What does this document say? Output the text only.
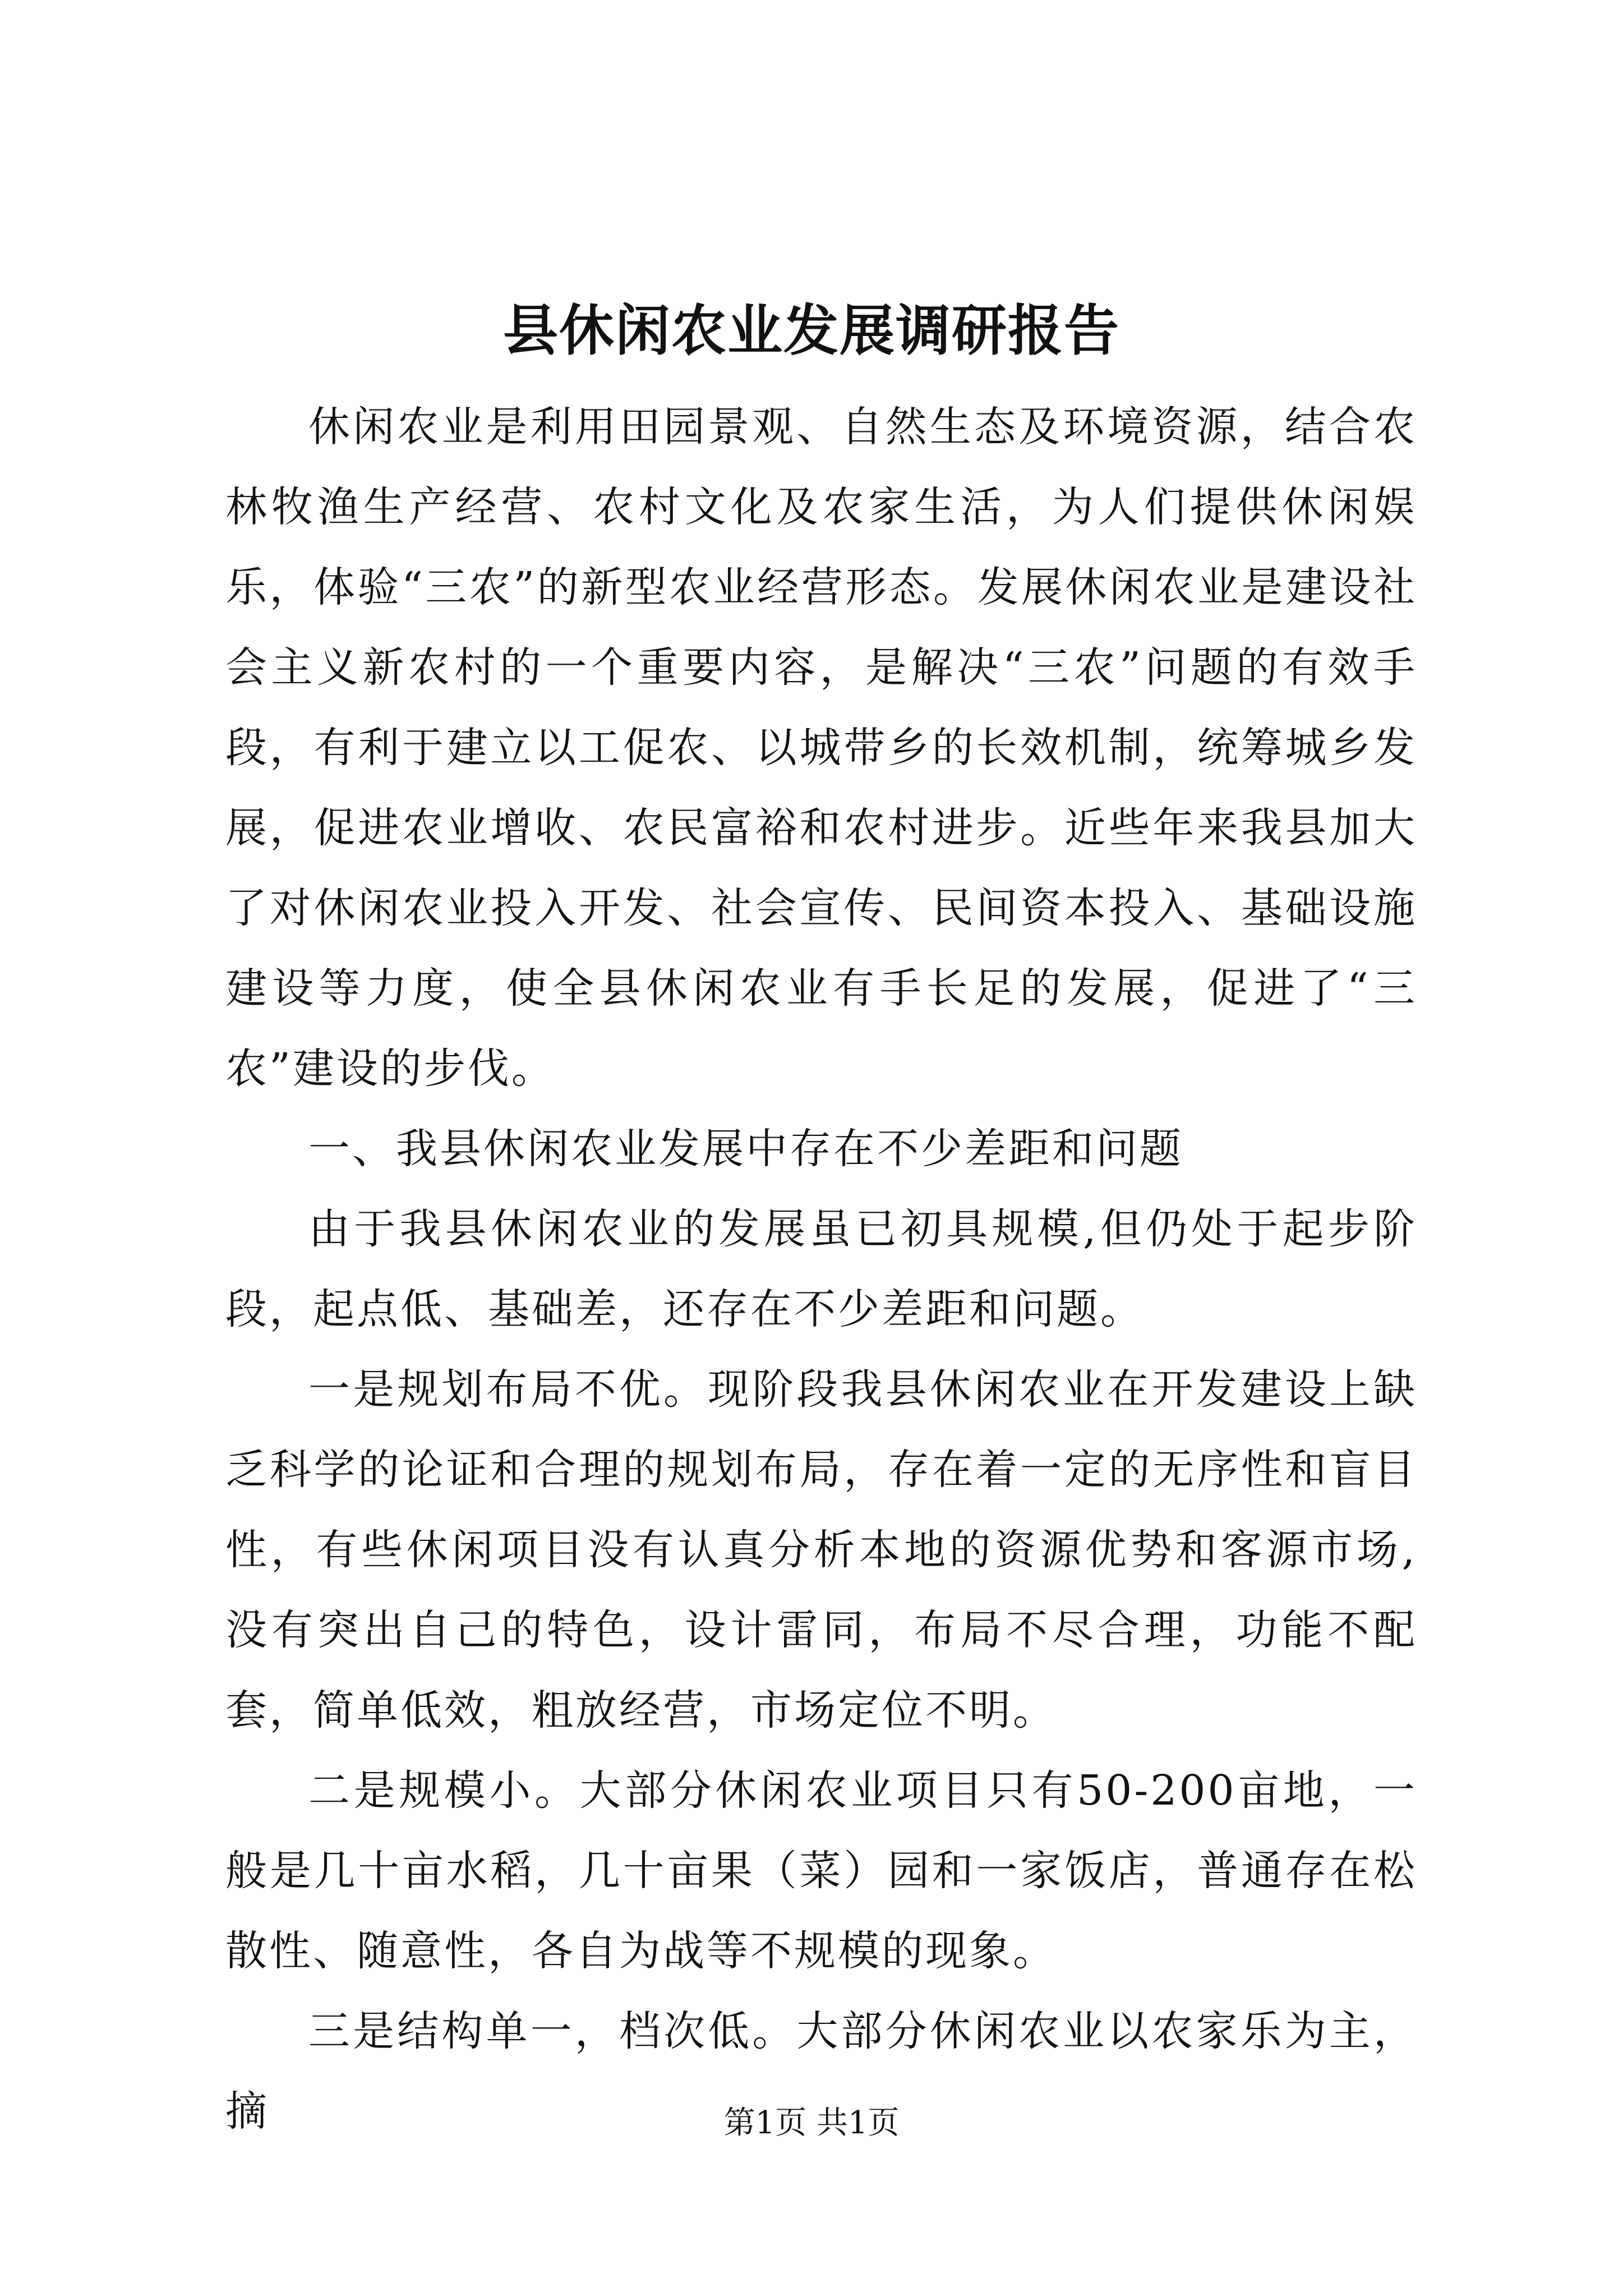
县休闲农业发展调研报告

休闲农业是利用田园景观、自然生态及环境资源，结合农林牧渔生产经营、农村文化及农家生活，为人们提供休闲娱乐，体验“三农”的新型农业经营形态。发展休闲农业是建设社会主义新农村的一个重要内容，是解决“三农”问题的有效手段，有利于建立以工促农、以城带乡的长效机制，统筹城乡发展，促进农业增收、农民富裕和农村进步。近些年来我县加大了对休闲农业投入开发、社会宣传、民间资本投入、基础设施建设等力度，使全县休闲农业有手长足的发展，促进了“三农”建设的步伐。

一、我县休闲农业发展中存在不少差距和问题

由于我县休闲农业的发展虽已初具规模,但仍处于起步阶段，起点低、基础差，还存在不少差距和问题。

一是规划布局不优。现阶段我县休闲农业在开发建设上缺乏科学的论证和合理的规划布局，存在着一定的无序性和盲目性，有些休闲项目没有认真分析本地的资源优势和客源市场,没有突出自己的特色，设计雷同，布局不尽合理，功能不配套，简单低效，粗放经营，市场定位不明。

二是规模小。大部分休闲农业项目只有50-200亩地，一般是几十亩水稻，几十亩果（菜）园和一家饭店，普通存在松散性、随意性，各自为战等不规模的现象。

三是结构单一，档次低。大部分休闲农业以农家乐为主，摘	第1页 共1页
